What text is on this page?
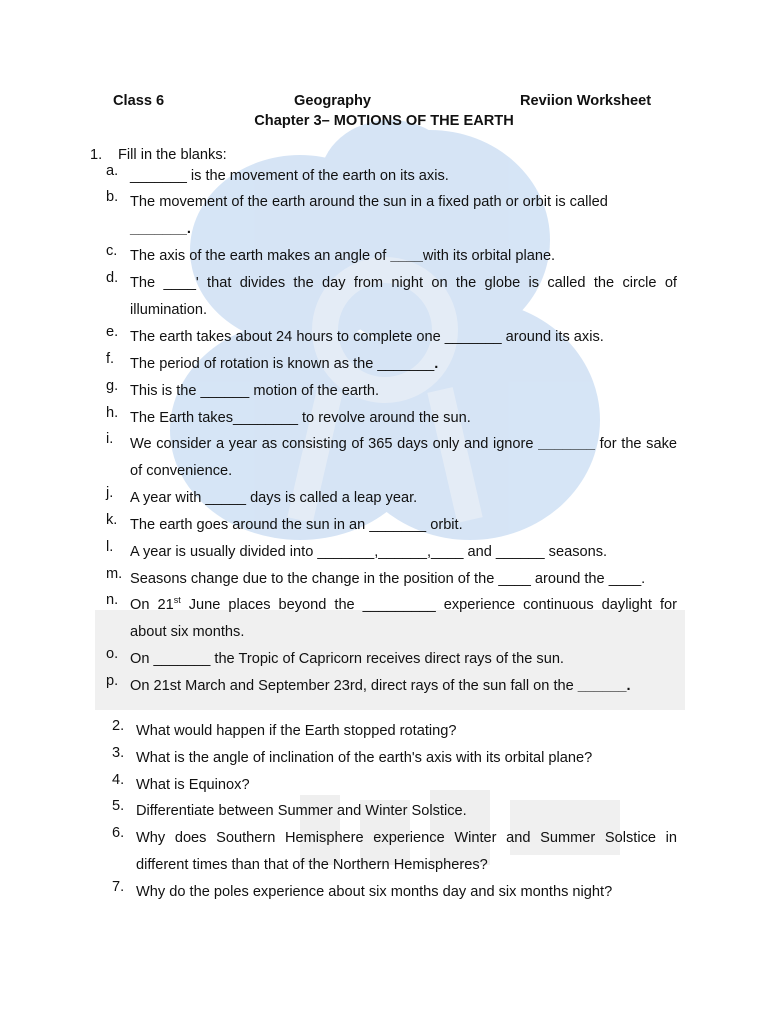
Class 6	Geography	Reviion Worksheet
Chapter 3– MOTIONS OF THE EARTH
1. Fill in the blanks:
a. _______ is the movement of the earth on its axis.
b. The movement of the earth around the sun in a fixed path or orbit is called
_______.
c. The axis of the earth makes an angle of ____with its orbital plane.
d. The ____' that divides the day from night on the globe is called the circle of illumination.
e. The earth takes about 24 hours to complete one _______ around its axis.
f.	The period of rotation is known as the _______.
g. This is the ______ motion of the earth.
h. The Earth takes________ to revolve around the sun.
i.	We consider a year as consisting of 365 days only and ignore _______ for the sake of convenience.
j.	A year with _____ days is called a leap year.
k. The earth goes around the sun in an _______ orbit.
l.	A year is usually divided into _______,______,____ and ______ seasons.
m. Seasons change due to the change in the position of the ____ around the ____.
n. On 21st June places beyond the _________ experience continuous daylight for about six months.
o. On _______ the Tropic of Capricorn receives direct rays of the sun.
p. On 21st March and September 23rd, direct rays of the sun fall on the ______.
2. What would happen if the Earth stopped rotating?
3. What is the angle of inclination of the earth's axis with its orbital plane?
4. What is Equinox?
5. Differentiate between Summer and Winter Solstice.
6. Why does Southern Hemisphere experience Winter and Summer Solstice in different times than that of the Northern Hemispheres?
7. Why do the poles experience about six months day and six months night?
